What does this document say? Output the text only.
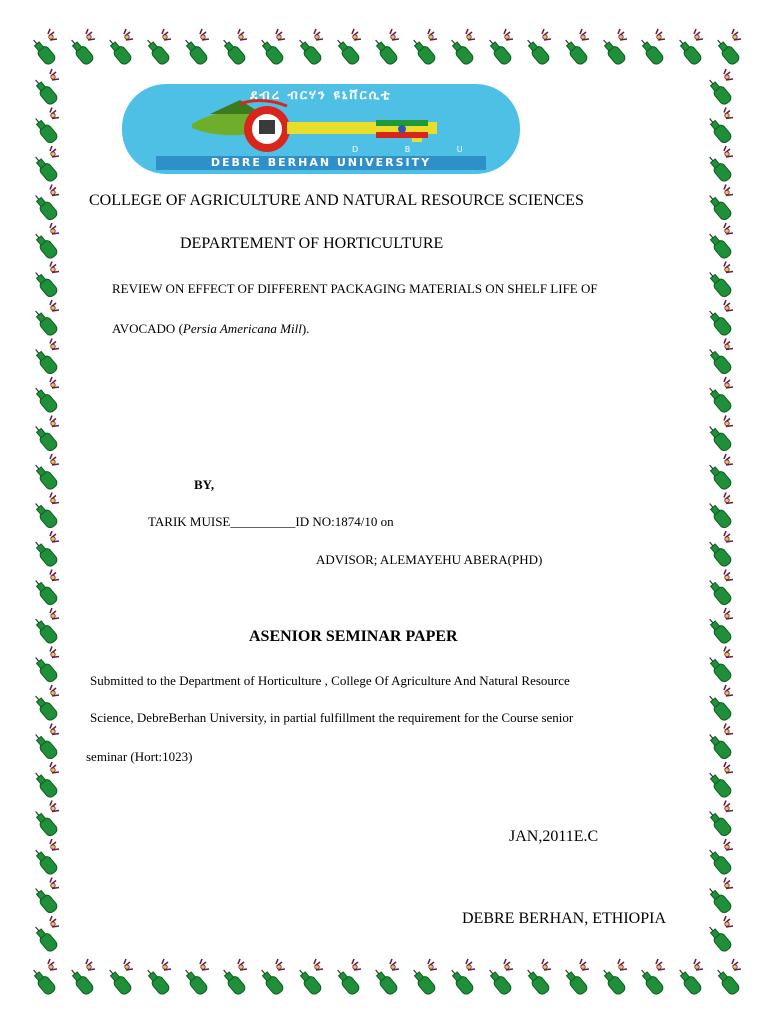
ደብረ ብርሃን ዩኒቨርሲቲ
D B U
DEBRE BERHAN UNIVERSITY
COLLEGE OF AGRICULTURE AND NATURAL RESOURCE SCIENCES
DEPARTEMENT OF HORTICULTURE
REVIEW ON EFFECT OF DIFFERENT PACKAGING MATERIALS ON SHELF LIFE OF
AVOCADO (Persia Americana Mill).
BY,
TARIK MUISE__________ID NO:1874/10 on
ADVISOR; ALEMAYEHU ABERA(PHD)
ASENIOR SEMINAR PAPER
Submitted to the Department of Horticulture , College Of Agriculture And Natural Resource
Science, DebreBerhan University, in partial fulfillment the requirement for the Course senior
seminar (Hort:1023)
JAN,2011E.C
DEBRE BERHAN, ETHIOPIA
